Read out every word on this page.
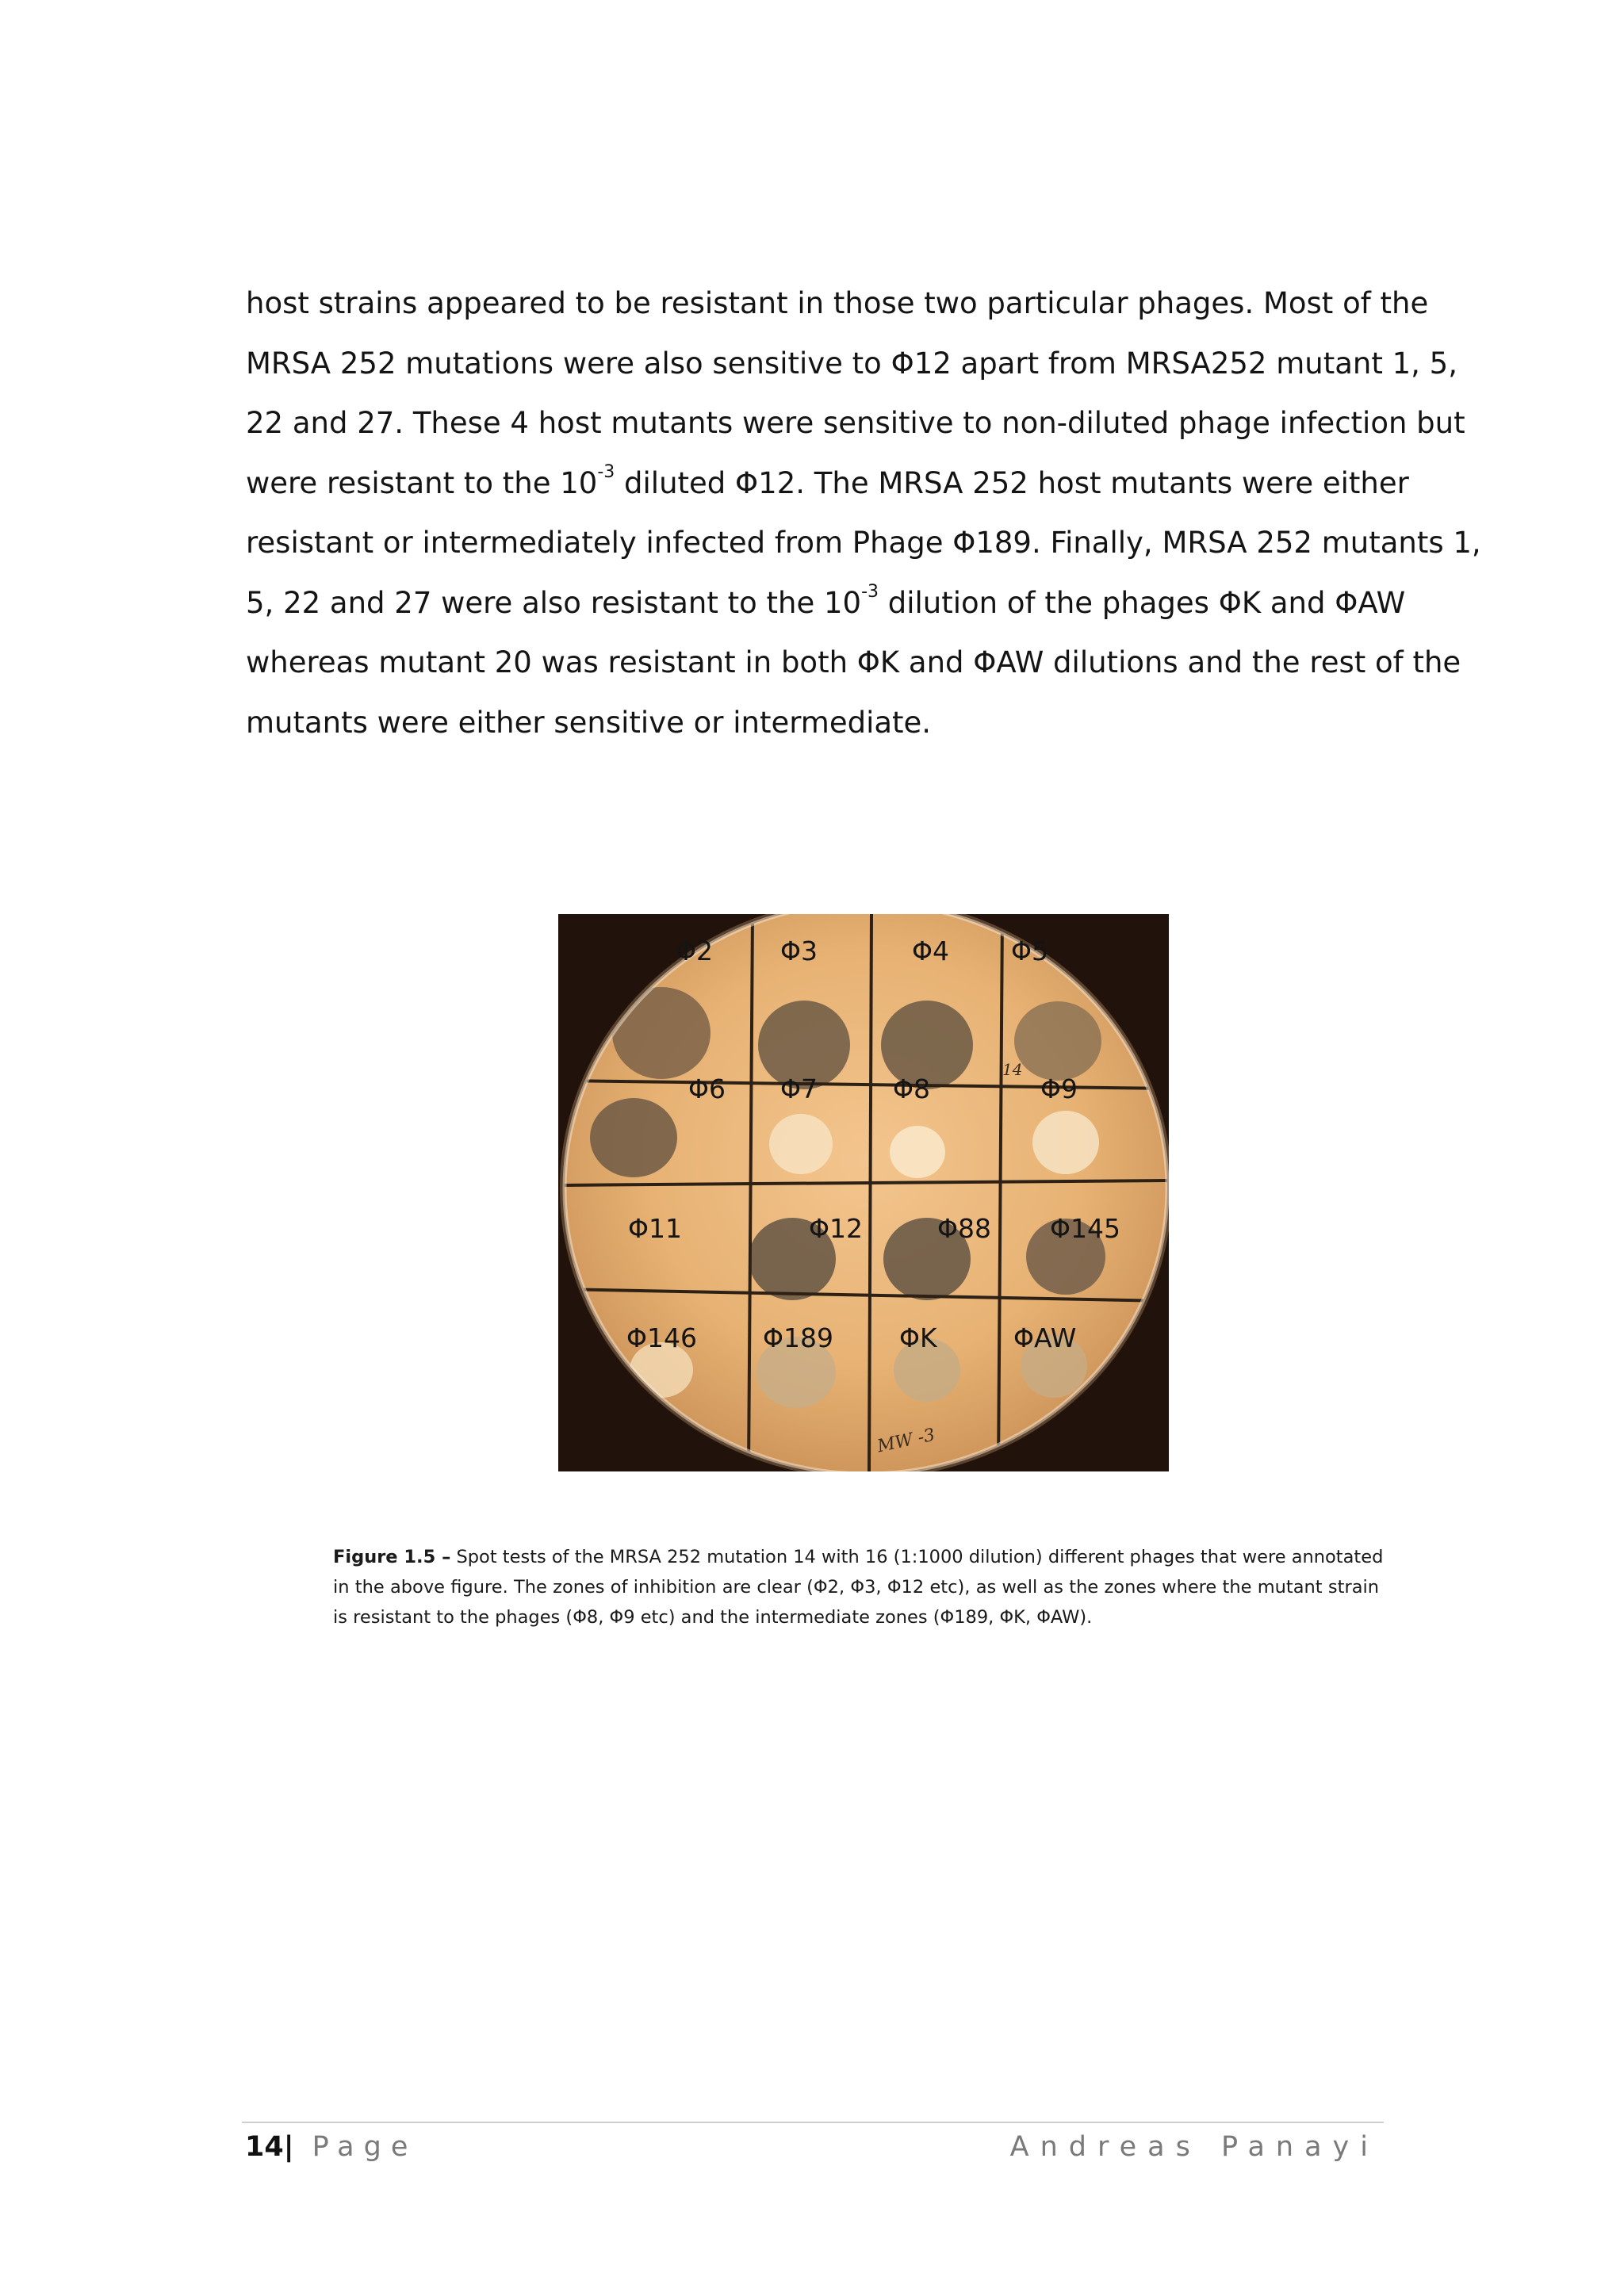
host strains appeared to be resistant in those two particular phages. Most of the
MRSA 252 mutations were also sensitive to Φ12 apart from MRSA252 mutant 1, 5,
22 and 27. These 4 host mutants were sensitive to non-diluted phage infection but
were resistant to the $10^{-3}$ diluted Φ12. The MRSA 252 host mutants were either
resistant or intermediately infected from Phage Φ189. Finally, MRSA 252 mutants 1,
5, 22 and 27 were also resistant to the $10^{-3}$ dilution of the phages ΦK and ΦAW
whereas mutant 20 was resistant in both ΦK and ΦAW dilutions and the rest of the
mutants were either sensitive or intermediate.
Φ2	Φ3	Φ4 Φ5
Φ6 Φ7	Φ8	Φ9
Φ11	Φ12	Φ88 Φ145
Φ146	Φ189	ΦK	ΦAW
14
MW -3
Figure 1.5 – Spot tests of the MRSA 252 mutation 14 with 16 (1:1000 dilution) different phages that were annotated
in the above figure. The zones of inhibition are clear (Φ2, Φ3, Φ12 etc), as well as the zones where the mutant strain
is resistant to the phages (Φ8, Φ9 etc) and the intermediate zones (Φ189, ΦK, ΦAW).
14| Page	Andreas Panayi
